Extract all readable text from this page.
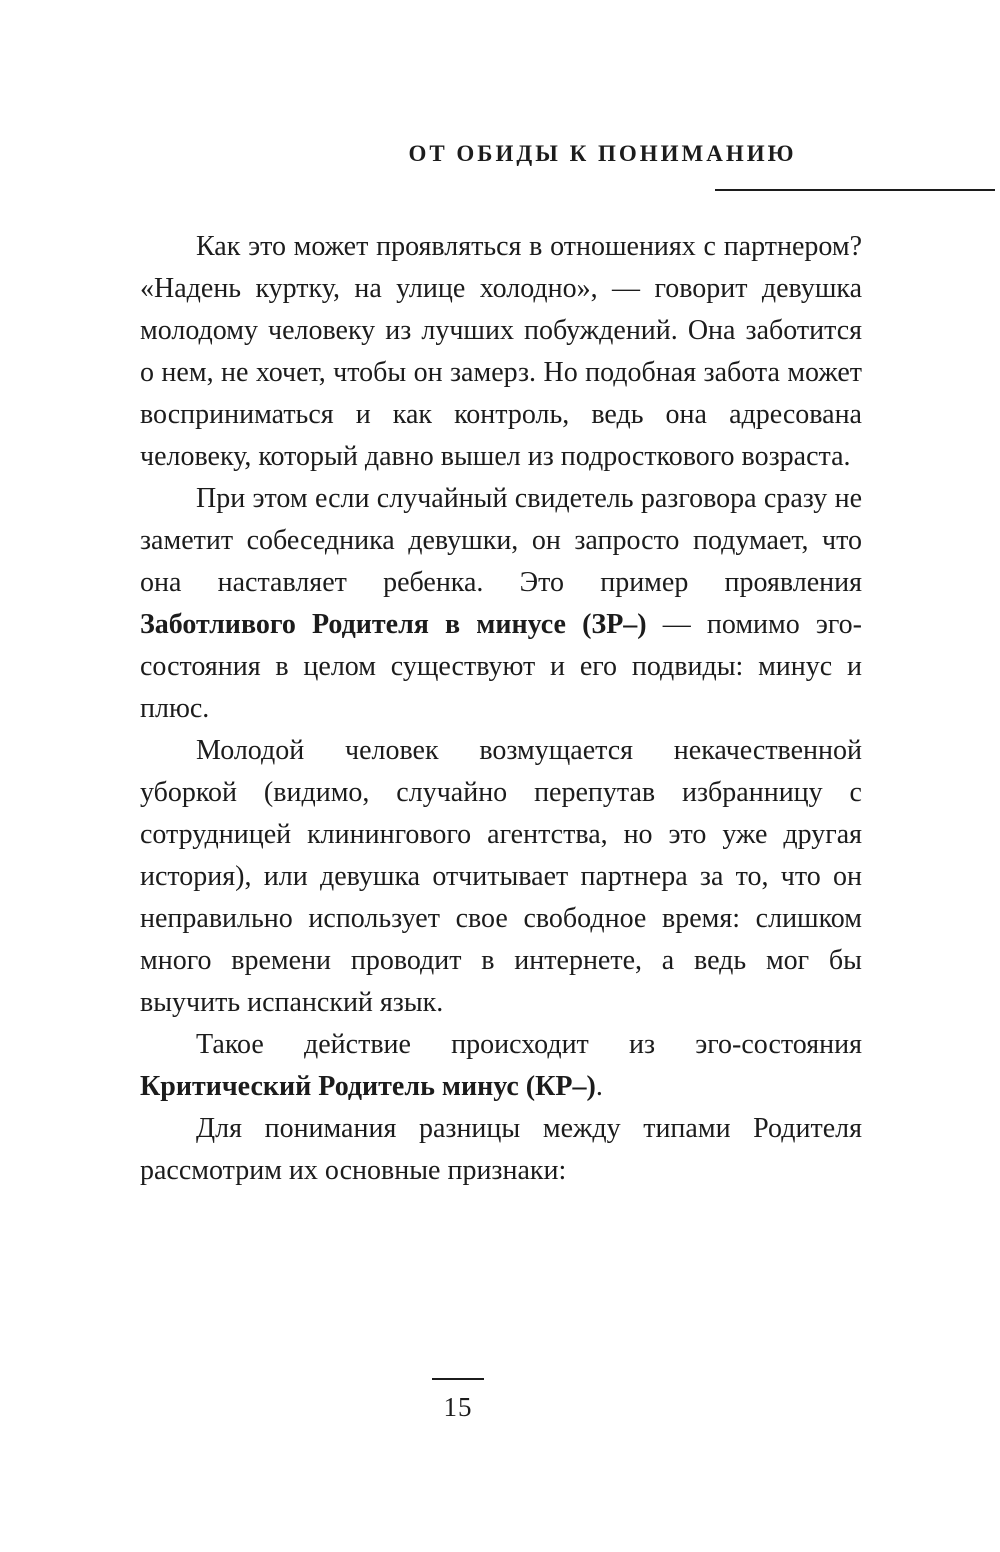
ОТ ОБИДЫ К ПОНИМАНИЮ

Как это может проявляться в отношениях с партнером? «Надень куртку, на улице холодно», — говорит девушка молодому человеку из лучших побуждений. Она заботится о нем, не хочет, чтобы он замерз. Но подобная забота может восприниматься и как контроль, ведь она адресована человеку, который давно вышел из подросткового возраста.

При этом если случайный свидетель разговора сразу не заметит собеседника девушки, он запросто подумает, что она наставляет ребенка. Это пример проявления Заботливого Родителя в минусе (ЗР–) — помимо эго-состояния в целом существуют и его подвиды: минус и плюс.

Молодой человек возмущается некачественной уборкой (видимо, случайно перепутав избранницу с сотрудницей клинингового агентства, но это уже другая история), или девушка отчитывает партнера за то, что он неправильно использует свое свободное время: слишком много времени проводит в интернете, а ведь мог бы выучить испанский язык.

Такое действие происходит из эго-состояния Критический Родитель минус (КР–).

Для понимания разницы между типами Родителя рассмотрим их основные признаки:

15
